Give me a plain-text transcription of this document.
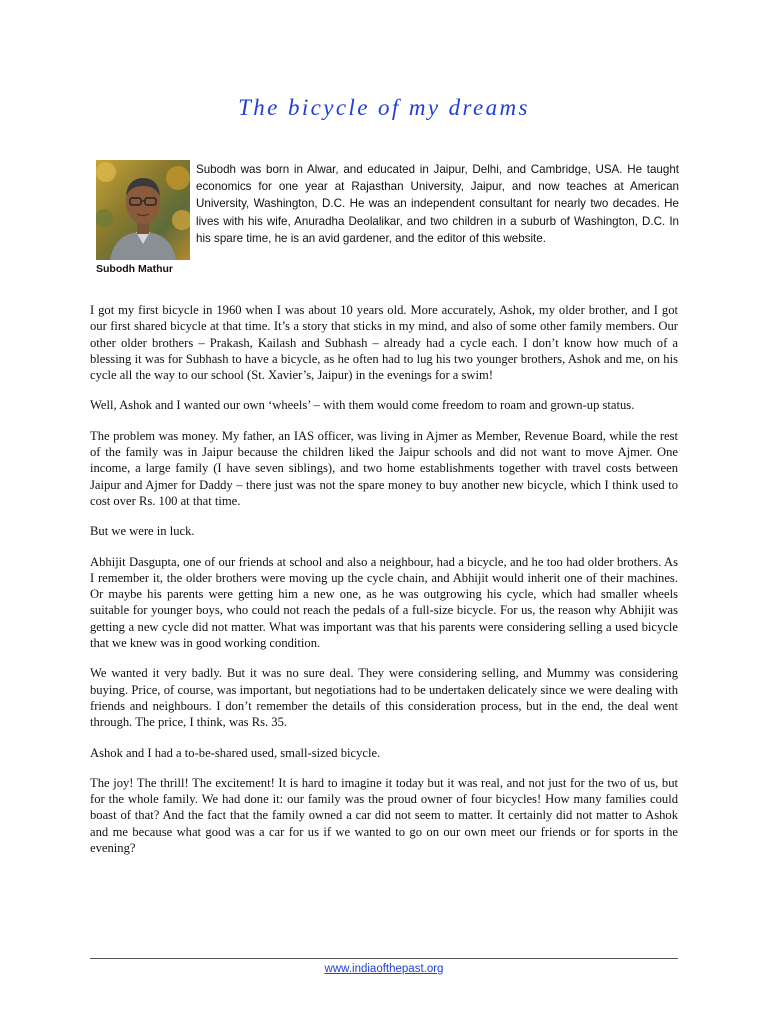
The bicycle of my dreams
Subodh Mathur

Subodh was born in Alwar, and educated in Jaipur, Delhi, and Cambridge, USA. He taught economics for one year at Rajasthan University, Jaipur, and now teaches at American University, Washington, D.C. He was an independent consultant for nearly two decades. He lives with his wife, Anuradha Deolalikar, and two children in a suburb of Washington, D.C. In his spare time, he is an avid gardener, and the editor of this website.

I got my first bicycle in 1960 when I was about 10 years old. More accurately, Ashok, my older brother, and I got our first shared bicycle at that time. It’s a story that sticks in my mind, and also of some other family members. Our other older brothers – Prakash, Kailash and Subhash – already had a cycle each. I don’t know how much of a blessing it was for Subhash to have a bicycle, as he often had to lug his two younger brothers, Ashok and me, on his cycle all the way to our school (St. Xavier’s, Jaipur) in the evenings for a swim!

Well, Ashok and I wanted our own ‘wheels’ – with them would come freedom to roam and grown-up status.

The problem was money. My father, an IAS officer, was living in Ajmer as Member, Revenue Board, while the rest of the family was in Jaipur because the children liked the Jaipur schools and did not want to move Ajmer. One income, a large family (I have seven siblings), and two home establishments together with travel costs between Jaipur and Ajmer for Daddy – there just was not the spare money to buy another new bicycle, which I think used to cost over Rs. 100 at that time.

But we were in luck.

Abhijit Dasgupta, one of our friends at school and also a neighbour, had a bicycle, and he too had older brothers. As I remember it, the older brothers were moving up the cycle chain, and Abhijit would inherit one of their machines. Or maybe his parents were getting him a new one, as he was outgrowing his cycle, which had smaller wheels suitable for younger boys, who could not reach the pedals of a full-size bicycle. For us, the reason why Abhijit was getting a new cycle did not matter. What was important was that his parents were considering selling a used bicycle that we knew was in good working condition.

We wanted it very badly. But it was no sure deal. They were considering selling, and Mummy was considering buying. Price, of course, was important, but negotiations had to be undertaken delicately since we were dealing with friends and neighbours. I don’t remember the details of this consideration process, but in the end, the deal went through. The price, I think, was Rs. 35.

Ashok and I had a to-be-shared used, small-sized bicycle.

The joy! The thrill! The excitement! It is hard to imagine it today but it was real, and not just for the two of us, but for the whole family. We had done it: our family was the proud owner of four bicycles! How many families could boast of that? And the fact that the family owned a car did not seem to matter. It certainly did not matter to Ashok and me because what good was a car for us if we wanted to go on our own meet our friends or for sports in the evening?

www.indiaofthepast.org
